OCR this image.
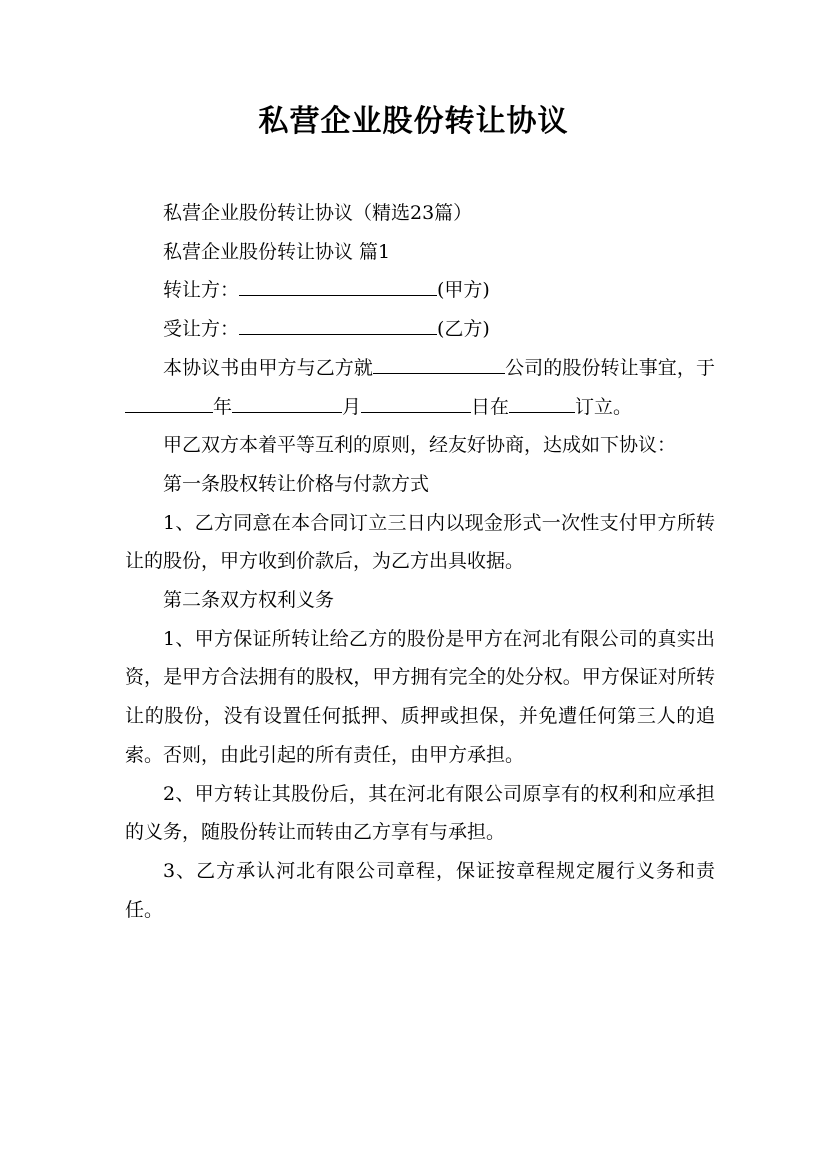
私营企业股份转让协议

私营企业股份转让协议（精选23篇）

私营企业股份转让协议 篇1

转让方：	(甲方)

受让方：	(乙方)

本协议书由甲方与乙方就	公司的股份转让事宜，于年	月	日在	订立。

甲乙双方本着平等互利的原则，经友好协商，达成如下协议：

第一条股权转让价格与付款方式

1、乙方同意在本合同订立三日内以现金形式一次性支付甲方所转让的股份，甲方收到价款后，为乙方出具收据。

第二条双方权利义务

1、甲方保证所转让给乙方的股份是甲方在河北有限公司的真实出资，是甲方合法拥有的股权，甲方拥有完全的处分权。甲方保证对所转让的股份，没有设置任何抵押、质押或担保，并免遭任何第三人的追索。否则，由此引起的所有责任，由甲方承担。

2、甲方转让其股份后，其在河北有限公司原享有的权利和应承担的义务，随股份转让而转由乙方享有与承担。

3、乙方承认河北有限公司章程，保证按章程规定履行义务和责任。
